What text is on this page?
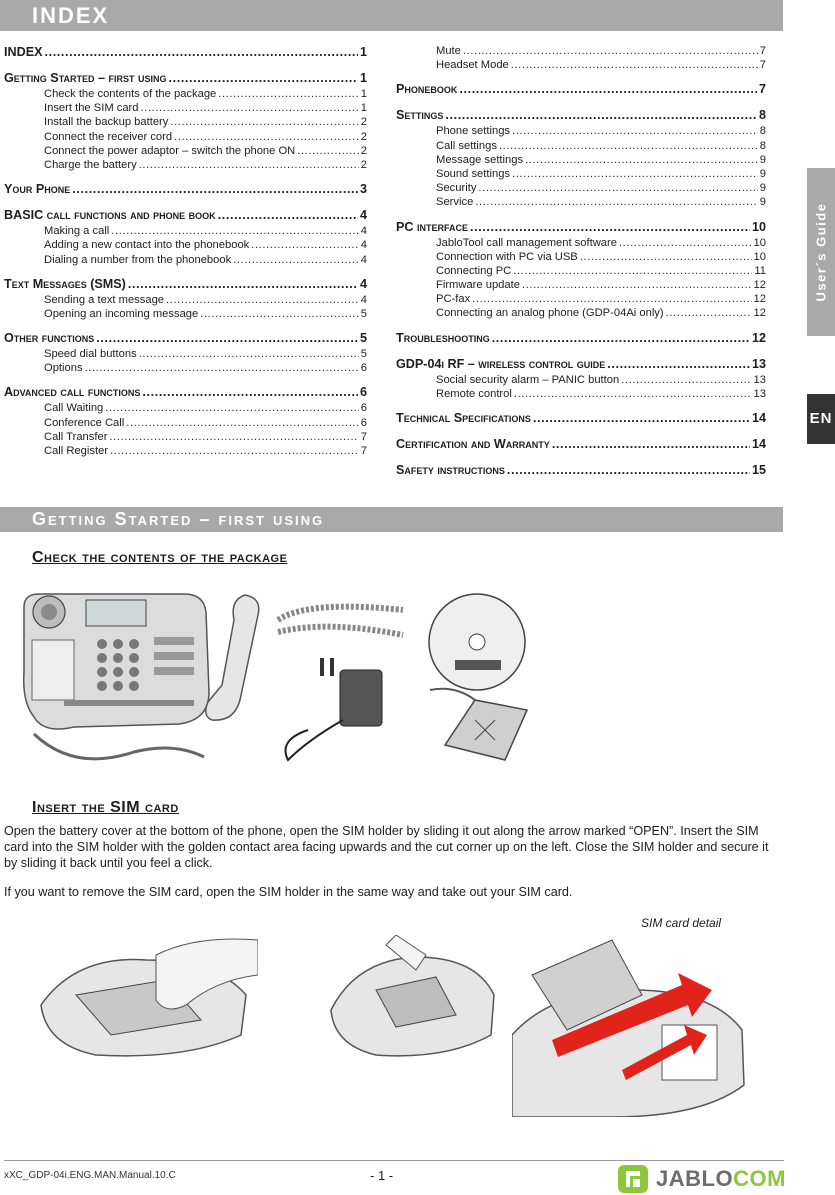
INDEX
User´s Guide
EN
INDEX .....	1
Getting Started – first using .....	1
Check the contents of the package .....	1
Insert the SIM card .....	1
Install the backup battery .....	2
Connect the receiver cord .....	2
Connect the power adaptor – switch the phone ON .....	2
Charge the battery .....	2
Your Phone .....	3
BASIC call functions and phone book .....	4
Making a call .....	4
Adding a new contact into the phonebook .....	4
Dialing a number from the phonebook .....	4
Text Messages (SMS) .....	4
Sending a text message .....	4
Opening an incoming message .....	5
Other functions .....	5
Speed dial buttons .....	5
Options .....	6
Advanced call functions .....	6
Call Waiting .....	6
Conference Call .....	6
Call Transfer .....	7
Call Register .....	7
Mute .....	7
Headset Mode .....	7
Phonebook .....	7
Settings .....	8
Phone settings .....	8
Call settings .....	8
Message settings .....	9
Sound settings .....	9
Security .....	9
Service .....	9
PC interface .....	10
JabloTool call management software .....	10
Connection with PC via USB .....	10
Connecting PC .....	11
Firmware update .....	12
PC-fax .....	12
Connecting an analog phone (GDP-04Ai only) .....	12
Troubleshooting .....	12
GDP-04i RF – wireless control guide .....	13
Social security alarm – PANIC button .....	13
Remote control .....	13
Technical Specifications .....	14
Certification and Warranty .....	14
Safety instructions .....	15
Getting Started – first using
Check the contents of the package
Insert the SIM card

Open the battery cover at the bottom of the phone, open the SIM holder by sliding it out along the arrow marked “OPEN”. Insert the SIM card into the SIM holder with the golden contact area facing upwards and the cut corner up on the left. Close the SIM holder and secure it by sliding it back until you feel a click.

If you want to remove the SIM card, open the SIM holder in the same way and take out your SIM card.

SIM card detail
xXC_GDP-04i.ENG.MAN.Manual.10.C	- 1 -	JABLOCOM
